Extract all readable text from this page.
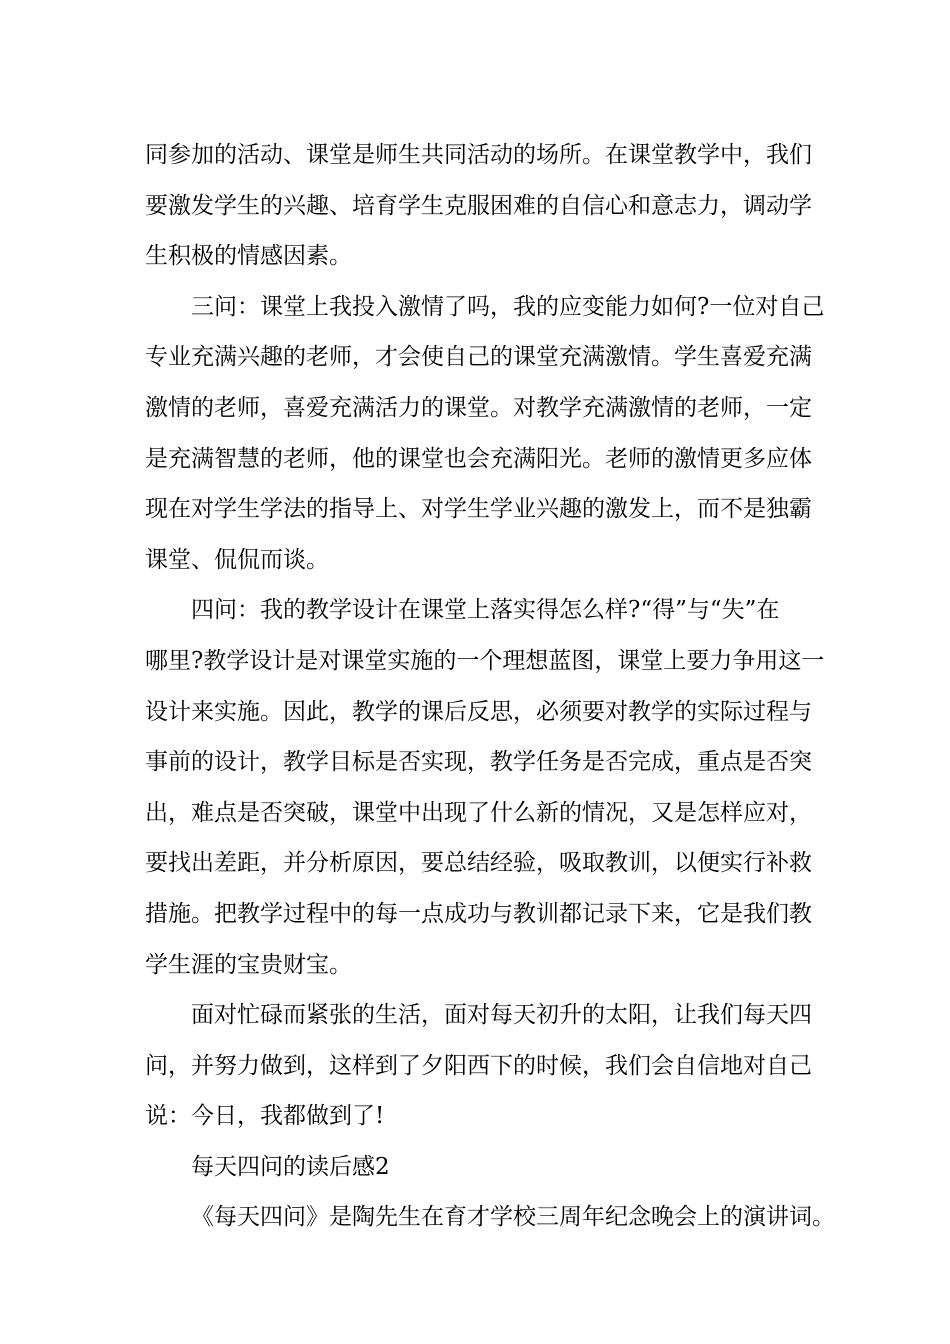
同参加的活动、课堂是师生共同活动的场所。在课堂教学中，我们
要激发学生的兴趣、培育学生克服困难的自信心和意志力，调动学
生积极的情感因素。
三问：课堂上我投入激情了吗，我的应变能力如何?一位对自己
专业充满兴趣的老师，才会使自己的课堂充满激情。学生喜爱充满
激情的老师，喜爱充满活力的课堂。对教学充满激情的老师，一定
是充满智慧的老师，他的课堂也会充满阳光。老师的激情更多应体
现在对学生学法的指导上、对学生学业兴趣的激发上，而不是独霸
课堂、侃侃而谈。
四问：我的教学设计在课堂上落实得怎么样?“得”与“失”在
哪里?教学设计是对课堂实施的一个理想蓝图，课堂上要力争用这一
设计来实施。因此，教学的课后反思，必须要对教学的实际过程与
事前的设计，教学目标是否实现，教学任务是否完成，重点是否突
出，难点是否突破，课堂中出现了什么新的情况，又是怎样应对，
要找出差距，并分析原因，要总结经验，吸取教训，以便实行补救
措施。把教学过程中的每一点成功与教训都记录下来，它是我们教
学生涯的宝贵财宝。
面对忙碌而紧张的生活，面对每天初升的太阳，让我们每天四
问，并努力做到，这样到了夕阳西下的时候，我们会自信地对自己
说：今日，我都做到了!
每天四问的读后感2
《每天四问》是陶先生在育才学校三周年纪念晚会上的演讲词。
